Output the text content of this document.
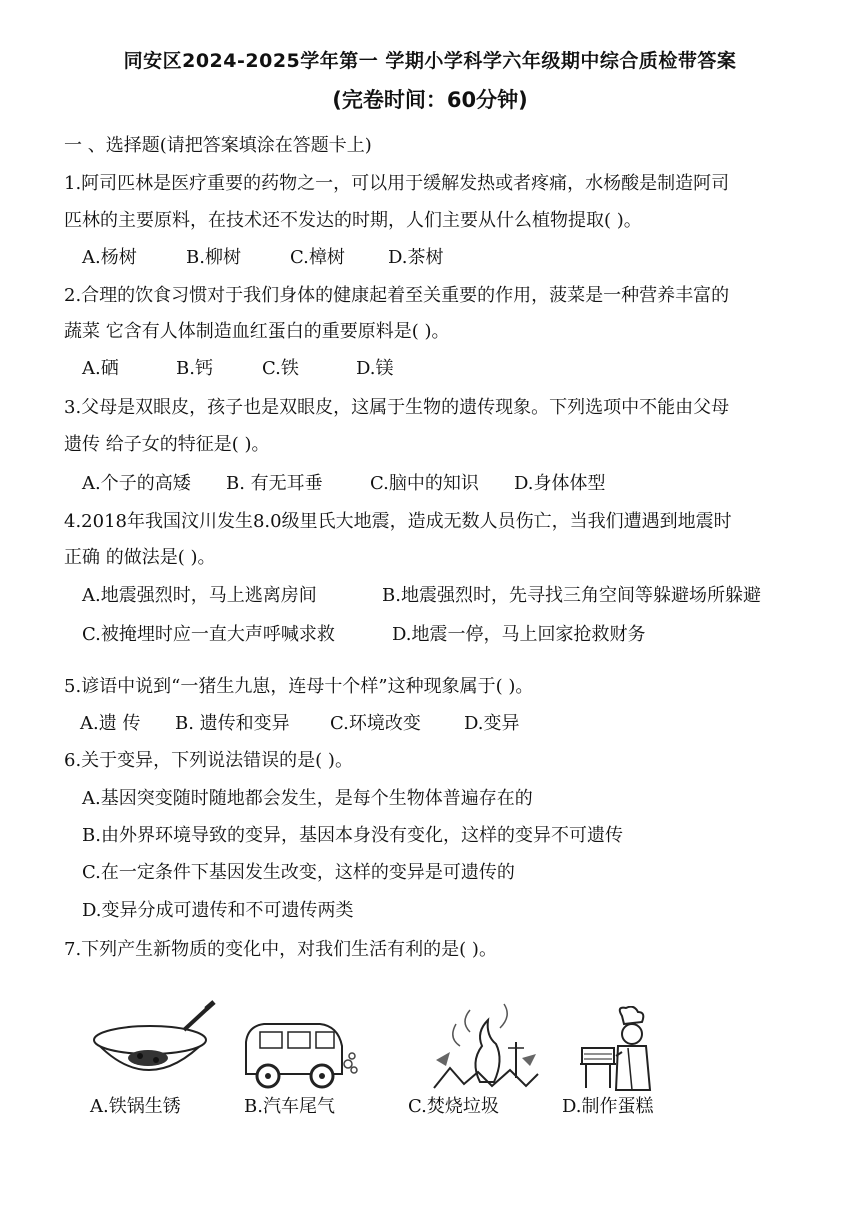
同安区2024-2025学年第一 学期小学科学六年级期中综合质检带答案
(完卷时间：60分钟)
一 、选择题(请把答案填涂在答题卡上)
1.阿司匹林是医疗重要的药物之一，可以用于缓解发热或者疼痛，水杨酸是制造阿司
匹林的主要原料，在技术还不发达的时期，人们主要从什么植物提取( )。
A.杨树	B.柳树	C.樟树 D.茶树
2.合理的饮食习惯对于我们身体的健康起着至关重要的作用，菠菜是一种营养丰富的
蔬菜 它含有人体制造血红蛋白的重要原料是( )。
A.硒	B.钙	C.铁	D.镁
3.父母是双眼皮，孩子也是双眼皮，这属于生物的遗传现象。下列选项中不能由父母
遗传 给子女的特征是( )。
A.个子的高矮 B. 有无耳垂	C.脑中的知识 D.身体体型
4.2018年我国汶川发生8.0级里氏大地震，造成无数人员伤亡，当我们遭遇到地震时
正确 的做法是( )。
A.地震强烈时，马上逃离房间	B.地震强烈时，先寻找三角空间等躲避场所躲避
C.被掩埋时应一直大声呼喊求救	D.地震一停，马上回家抢救财务
5.谚语中说到“一猪生九崽，连母十个样”这种现象属于( )。
A.遗 传 B. 遗传和变异 C.环境改变 D.变异
6.关于变异，下列说法错误的是( )。
A.基因突变随时随地都会发生，是每个生物体普遍存在的
B.由外界环境导致的变异，基因本身没有变化，这样的变异不可遗传
C.在一定条件下基因发生改变，这样的变异是可遗传的
D.变异分成可遗传和不可遗传两类
7.下列产生新物质的变化中，对我们生活有利的是( )。
A.铁锅生锈	B.汽车尾气	C.焚烧垃圾	D.制作蛋糕
